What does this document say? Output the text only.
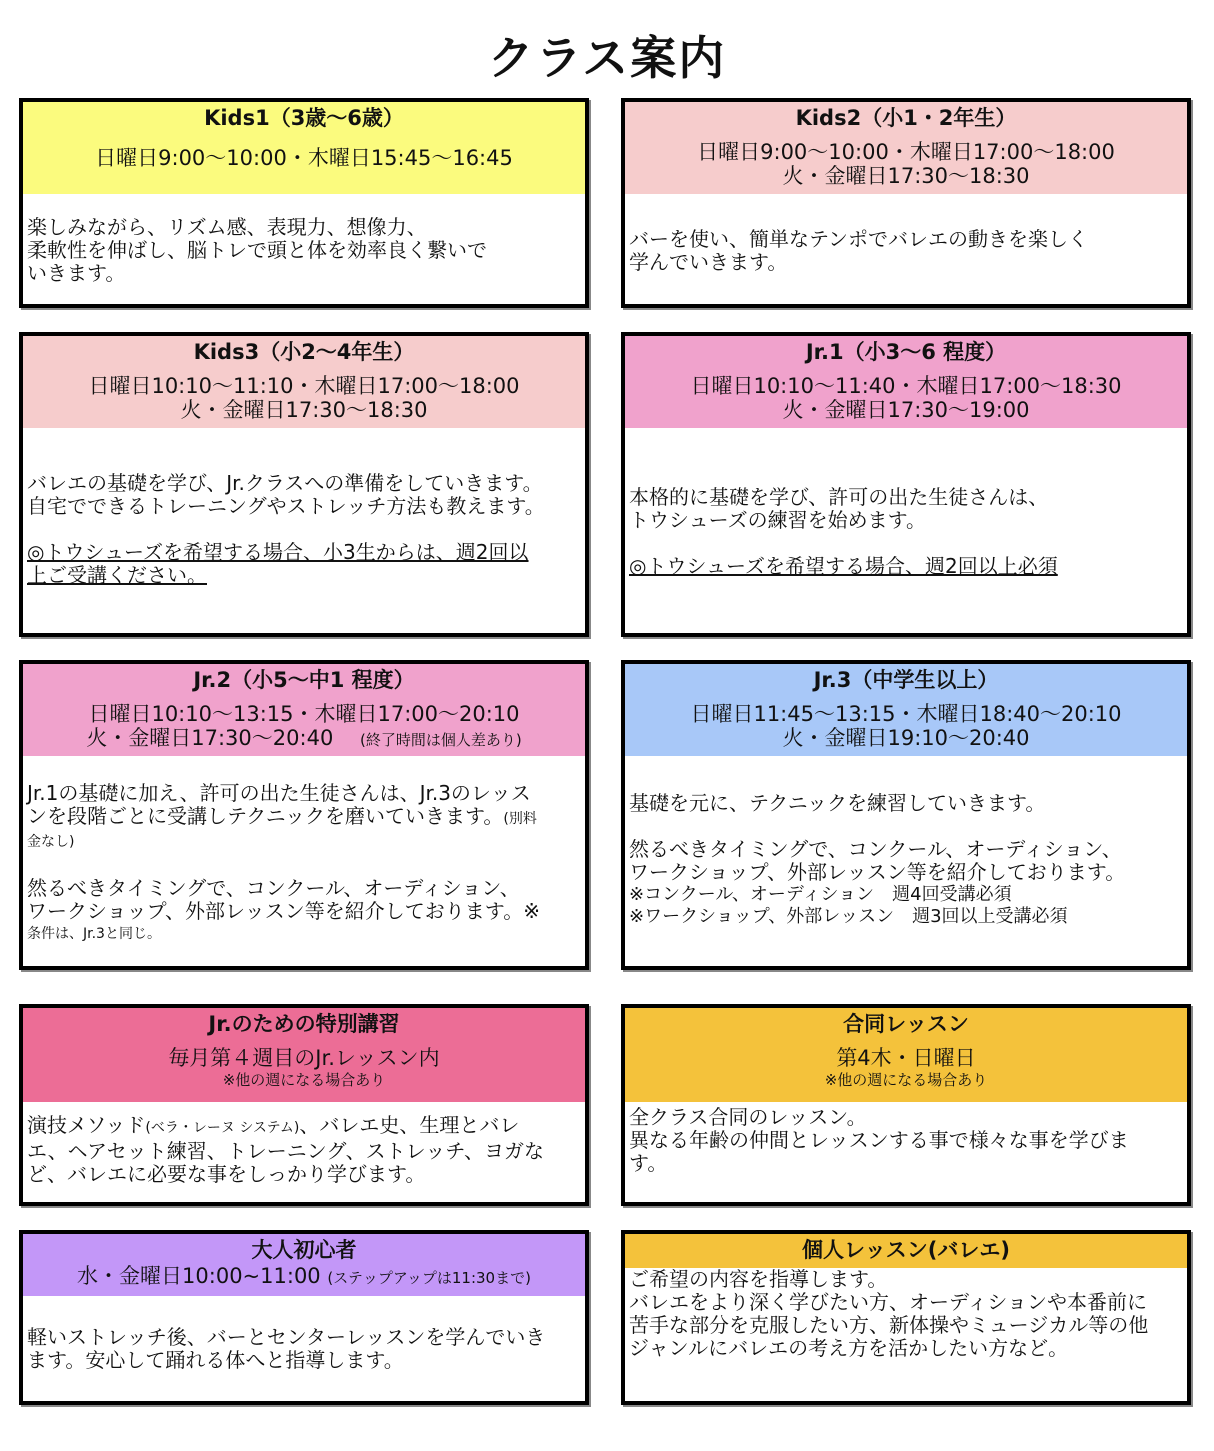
クラス案内
Kids1（3歳〜6歳）
日曜日9:00〜10:00・木曜日15:45〜16:45

楽しみながら、リズム感、表現力、想像力、

柔軟性を伸ばし、脳トレで頭と体を効率良く繋いで

いきます。

Kids2（小1・2年生）
日曜日9:00〜10:00・木曜日17:00〜18:00
火・金曜日17:30〜18:30

バーを使い、簡単なテンポでバレエの動きを楽しく

学んでいきます。

Kids3（小2〜4年生）
日曜日10:10〜11:10・木曜日17:00〜18:00
火・金曜日17:30〜18:30

バレエの基礎を学び、Jr.クラスへの準備をしていきます。

自宅でできるトレーニングやストレッチ方法も教えます。

◎トウシューズを希望する場合、小3生からは、週2回以

上ご受講ください。

Jr.1（小3〜6 程度）
日曜日10:10〜11:40・木曜日17:00〜18:30
火・金曜日17:30〜19:00

本格的に基礎を学び、許可の出た生徒さんは、

トウシューズの練習を始めます。

◎トウシューズを希望する場合、週2回以上必須

Jr.2（小5〜中1 程度）
日曜日10:10〜13:15・木曜日17:00〜20:10
火・金曜日17:30〜20:40 (終了時間は個人差あり)

Jr.1の基礎に加え、許可の出た生徒さんは、Jr.3のレッス

ンを段階ごとに受講しテクニックを磨いていきます。(別料

金なし)

然るべきタイミングで、コンクール、オーディション、

ワークショップ、外部レッスン等を紹介しております。※

条件は、Jr.3と同じ。

Jr.3（中学生以上）
日曜日11:45〜13:15・木曜日18:40〜20:10
火・金曜日19:10〜20:40

基礎を元に、テクニックを練習していきます。

然るべきタイミングで、コンクール、オーディション、

ワークショップ、外部レッスン等を紹介しております。

※コンクール、オーディション　週4回受講必須

※ワークショップ、外部レッスン　週3回以上受講必須

Jr.のための特別講習
毎月第４週目のJr.レッスン内
※他の週になる場合あり

演技メソッド(ベラ・レーヌ システム)、バレエ史、生理とバレ

エ、ヘアセット練習、トレーニング、ストレッチ、ヨガな

ど、バレエに必要な事をしっかり学びます。

合同レッスン
第4木・日曜日
※他の週になる場合あり

全クラス合同のレッスン。

異なる年齢の仲間とレッスンする事で様々な事を学びま

す。

大人初心者
水・金曜日10:00~11:00 (ステップアップは11:30まで)

軽いストレッチ後、バーとセンターレッスンを学んでいき

ます。安心して踊れる体へと指導します。

個人レッスン(バレエ)

ご希望の内容を指導します。

バレエをより深く学びたい方、オーディションや本番前に

苦手な部分を克服したい方、新体操やミュージカル等の他

ジャンルにバレエの考え方を活かしたい方など。
